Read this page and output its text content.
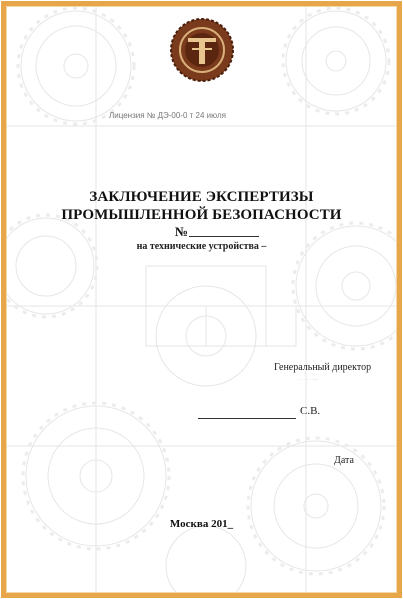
Лицензия № ДЭ-00-0 т 24 июля
ЗАКЛЮЧЕНИЕ ЭКСПЕРТИЗЫ
ПРОМЫШЛЕННОЙ БЕЗОПАСНОСТИ
№
на технические устройства –
Генеральный директор
· · · · · —
С.В.
Дата
Москва 201_
